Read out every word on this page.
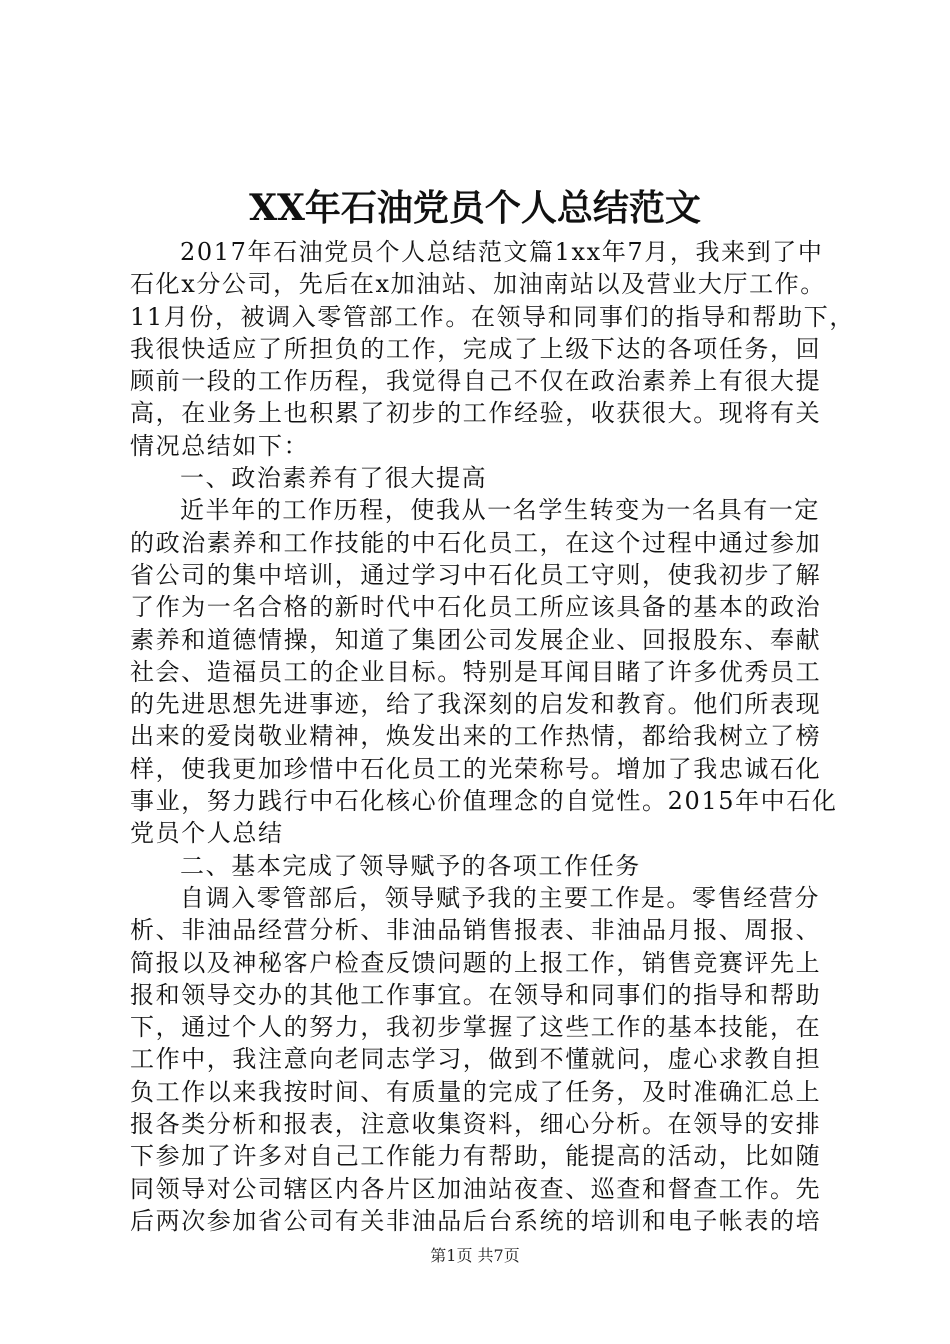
XX年石油党员个人总结范文
2017年石油党员个人总结范文篇1xx年7月，我来到了中
石化x分公司，先后在x加油站、加油南站以及营业大厅工作。
11月份，被调入零管部工作。在领导和同事们的指导和帮助下，
我很快适应了所担负的工作，完成了上级下达的各项任务，回
顾前一段的工作历程，我觉得自己不仅在政治素养上有很大提
高，在业务上也积累了初步的工作经验，收获很大。现将有关
情况总结如下：
一、政治素养有了很大提高
近半年的工作历程，使我从一名学生转变为一名具有一定
的政治素养和工作技能的中石化员工，在这个过程中通过参加
省公司的集中培训，通过学习中石化员工守则，使我初步了解
了作为一名合格的新时代中石化员工所应该具备的基本的政治
素养和道德情操，知道了集团公司发展企业、回报股东、奉献
社会、造福员工的企业目标。特别是耳闻目睹了许多优秀员工
的先进思想先进事迹，给了我深刻的启发和教育。他们所表现
出来的爱岗敬业精神，焕发出来的工作热情，都给我树立了榜
样，使我更加珍惜中石化员工的光荣称号。增加了我忠诚石化
事业，努力践行中石化核心价值理念的自觉性。2015年中石化
党员个人总结
二、基本完成了领导赋予的各项工作任务
自调入零管部后，领导赋予我的主要工作是。零售经营分
析、非油品经营分析、非油品销售报表、非油品月报、周报、
简报以及神秘客户检查反馈问题的上报工作，销售竞赛评先上
报和领导交办的其他工作事宜。在领导和同事们的指导和帮助
下，通过个人的努力，我初步掌握了这些工作的基本技能，在
工作中，我注意向老同志学习，做到不懂就问，虚心求教自担
负工作以来我按时间、有质量的完成了任务，及时准确汇总上
报各类分析和报表，注意收集资料，细心分析。在领导的安排
下参加了许多对自己工作能力有帮助，能提高的活动，比如随
同领导对公司辖区内各片区加油站夜查、巡查和督查工作。先
后两次参加省公司有关非油品后台系统的培训和电子帐表的培
第1页 共7页
